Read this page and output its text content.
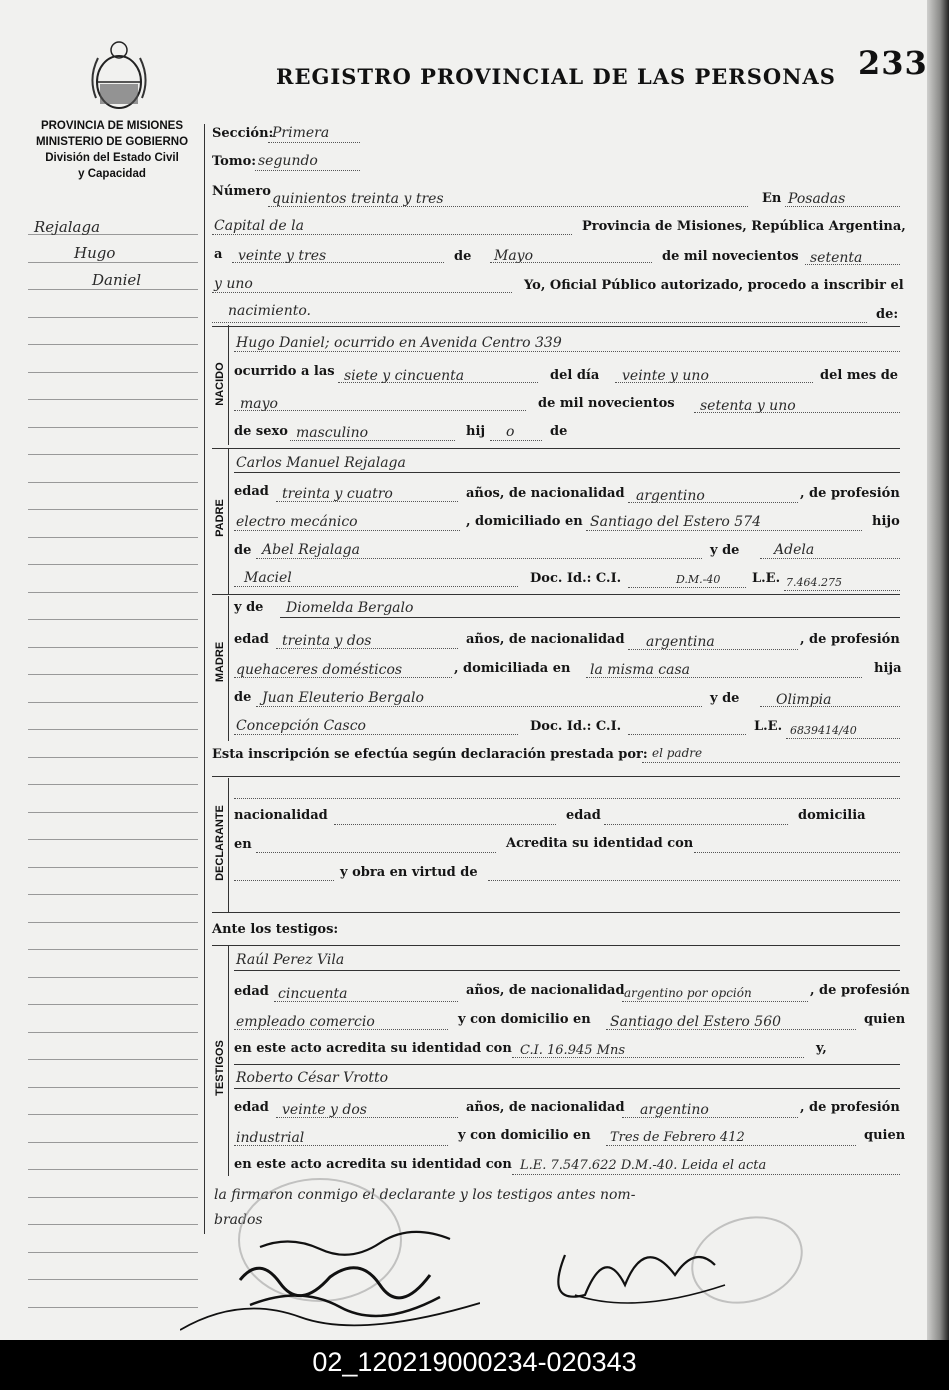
REGISTRO PROVINCIAL DE LAS PERSONAS 233
PROVINCIA DE MISIONES
MINISTERIO DE GOBIERNO
División del Estado Civil
y Capacidad
Rejalaga
Hugo
Daniel
NACIDO
PADRE
MADRE
DECLARANTE
TESTIGOS
Sección:
Primera
Tomo: segundo
Número quinientos treinta y tres	En Posadas
Capital de la	Provincia de Misiones, República Argentina,
a veinte y tres	de Mayo	de mil novecientos setenta
y uno	Yo, Oficial Público autorizado, procedo a inscribir el
nacimiento.	de:
Hugo Daniel; ocurrido en Avenida Centro 339
ocurrido a las siete y cincuenta	del día veinte y uno	del mes de
mayo	de mil novecientos setenta y uno
de sexo masculino	hij o	de
Carlos Manuel Rejalaga
edad treinta y cuatro	años, de nacionalidad argentino	, de profesión
electro mecánico	, domiciliado en Santiago del Estero 574	hijo
de Abel Rejalaga	y de Adela
Maciel	Doc. Id.: C.I.	D.M.-40 L.E. 7.464.275
y de Diomelda Bergalo
edad treinta y dos	años, de nacionalidad argentina	, de profesión
quehaceres domésticos	, domiciliada en la misma casa	hija
de Juan Eleuterio Bergalo	y de	Olimpia
Concepción Casco	Doc. Id.: C.I.	L.E. 6839414/40
Esta inscripción se efectúa según declaración prestada por: el padre
nacionalidad	edad	domicilia
en	Acredita su identidad con
y obra en virtud de
Ante los testigos:
Raúl Perez Vila
edad cincuenta	años, de nacionalidad argentino por opción	, de profesión
empleado comercio	y con domicilio en Santiago del Estero 560	quien
en este acto acredita su identidad con C.I. 16.945 Mns	y,
Roberto César Vrotto
edad veinte y dos	años, de nacionalidad argentino	, de profesión
industrial	y con domicilio en Tres de Febrero 412	quien
en este acto acredita su identidad con L.E. 7.547.622 D.M.-40. Leida el acta
la firmaron conmigo el declarante y los testigos antes nom-
brados
02_120219000234-020343
